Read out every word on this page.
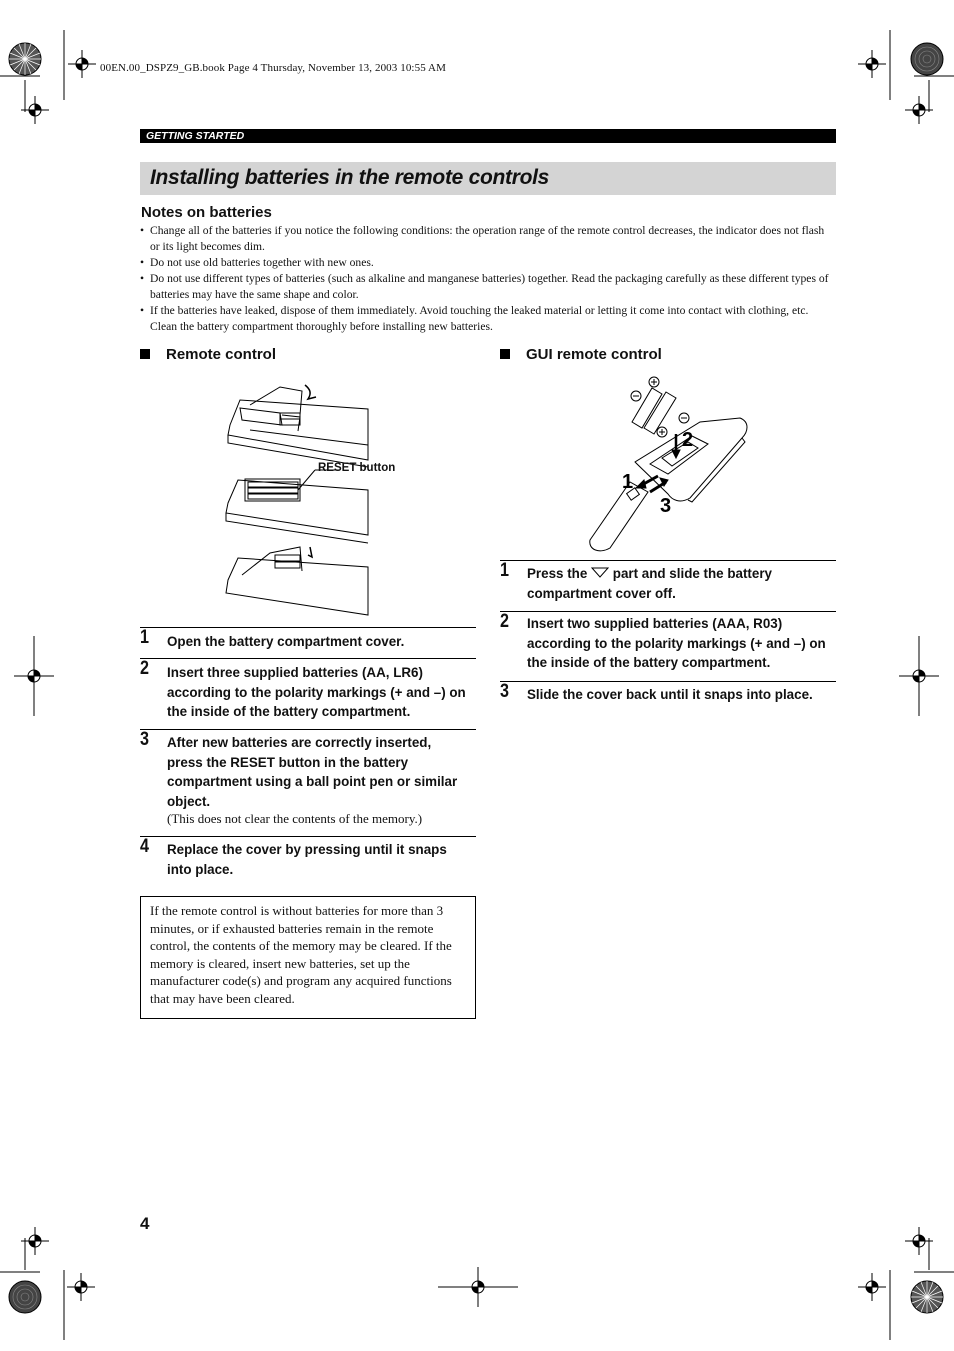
00EN.00_DSPZ9_GB.book Page 4 Thursday, November 13, 2003 10:55 AM
GETTING STARTED
Installing batteries in the remote controls
Notes on batteries
• Change all of the batteries if you notice the following conditions: the operation range of the remote control decreases, the indicator does not flash or its light becomes dim.
• Do not use old batteries together with new ones.
• Do not use different types of batteries (such as alkaline and manganese batteries) together. Read the packaging carefully as these different types of batteries may have the same shape and color.
• If the batteries have leaked, dispose of them immediately. Avoid touching the leaked material or letting it come into contact with clothing, etc. Clean the battery compartment thoroughly before installing new batteries.
Remote control
RESET button
1 Open the battery compartment cover.
2 Insert three supplied batteries (AA, LR6) according to the polarity markings (+ and –) on the inside of the battery compartment.
3 After new batteries are correctly inserted, press the RESET button in the battery compartment using a ball point pen or similar object.
(This does not clear the contents of the memory.)
4 Replace the cover by pressing until it snaps into place.

If the remote control is without batteries for more than 3 minutes, or if exhausted batteries remain in the remote control, the contents of the memory may be cleared. If the memory is cleared, insert new batteries, set up the manufacturer code(s) and program any acquired functions that may have been cleared.

GUI remote control
2
1
3
1 Press the part and slide the battery compartment cover off.
2 Insert two supplied batteries (AAA, R03) according to the polarity markings (+ and –) on the inside of the battery compartment.
3 Slide the cover back until it snaps into place.
4
